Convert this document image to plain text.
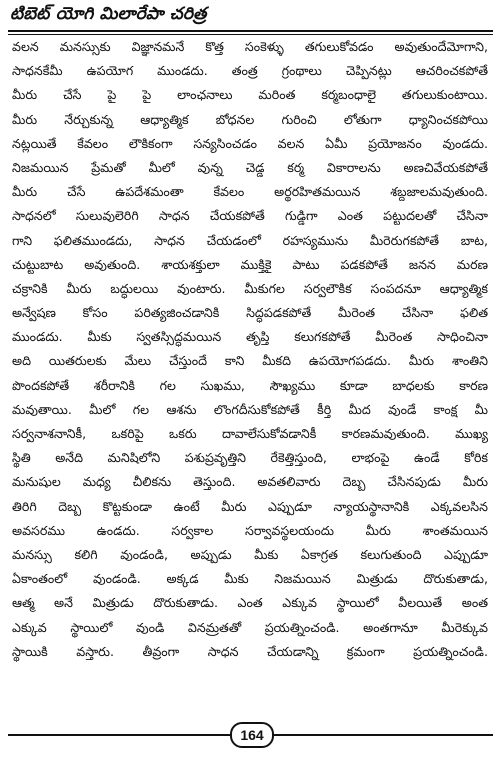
టిబెట్ యోగి మిలారేపా చరిత్ర
వలన మనస్సుకు విజ్ఞానమనే కొత్త సంకెళ్ళు తగులుకోవడం అవుతుందేమోగాని,
సాధనకేమీ ఉపయోగ ముండదు. తంత్ర గ్రంథాలు చెప్పినట్లు ఆచరించకపోతే
మీరు చేసే పై పై లాంఛనాలు మరింత కర్మబంధాలై తగులుకుంటాయి.
మీరు నేర్చుకున్న ఆధ్యాత్మిక బోధనల గురించి లోతుగా ధ్యానించకపోయి
నట్లయితే కేవలం లౌకికంగా సన్యసించడం వలన ఏమీ ప్రయోజనం వుండదు.
నిజమయిన ప్రేమతో మీలో వున్న చెడ్డ కర్మ వికారాలను అణచివేయకపోతే
మీరు చేసే ఉపదేశమంతా కేవలం అర్థరహితమయిన శబ్దజాలమవుతుంది.
సాధనలో సులువులెరిగి సాధన చేయకపోతే గుడ్డిగా ఎంత పట్టుదలతో చేసినా
గాని ఫలితముండదు, సాధన చేయడంలో రహస్యమును మీరెరుగకపోతే బాట,
చుట్టుబాట అవుతుంది. శాయశక్తులా ముక్తికై పాటు పడకపోతే జనన మరణ
చక్రానికి మీరు బద్ధులయి వుంటారు. మీకుగల సర్వలౌకిక సంపదనూ ఆధ్యాత్మిక
అన్వేషణ కోసం పరిత్యజించడానికి సిద్ధపడకపోతే మీరెంత చేసినా ఫలిత
ముండదు. మీకు స్వతస్సిద్ధమయిన తృప్తి కలుగకపోతే మీరెంత సాధించినా
అది యితరులకు మేలు చేస్తుందే కాని మీకది ఉపయోగపడదు. మీరు శాంతిని
పొందకపోతే శరీరానికి గల సుఖము, సౌఖ్యము కూడా బాధలకు కారణ
మవుతాయి. మీలో గల ఆశను లొంగదీసుకోకపోతే కీర్తి మీద వుండే కాంక్ష మీ
సర్వనాశనానికీ, ఒకరిపై ఒకరు దావాలేసుకోవడానికీ కారణమవుతుంది. ముఖ్య
స్థితి అనేది మనిషిలోని పశుప్రవృత్తిని రేకెత్తిస్తుంది, లాభంపై ఉండే కోరిక
మనుషుల మధ్య చీలికను తెస్తుంది. అవతలివారు దెబ్బ చేసినపుడు మీరు
తిరిగి దెబ్బ కొట్టకుండా ఉంటే మీరు ఎప్పుడూ న్యాయస్థానానికి ఎక్కవలసిన
అవసరము ఉండదు. సర్వకాల సర్వావస్థలయందు మీరు శాంతమయిన
మనస్సు కలిగి వుండండి, అప్పుడు మీకు ఏకాగ్రత కలుగుతుంది ఎప్పుడూ
ఏకాంతంలో వుండండి. అక్కడ మీకు నిజమయిన మిత్రుడు దొరుకుతాడు,
ఆత్మ అనే మిత్రుడు దొరుకుతాడు. ఎంత ఎక్కువ స్థాయిలో వీలయితే అంత
ఎక్కువ స్థాయిలో వుండి వినమ్రతతో ప్రయత్నించండి. అంతగానూ మీరెక్కువ
స్థాయికి వస్తారు. తీవ్రంగా సాధన చేయడాన్ని క్రమంగా ప్రయత్నించండి.
164
